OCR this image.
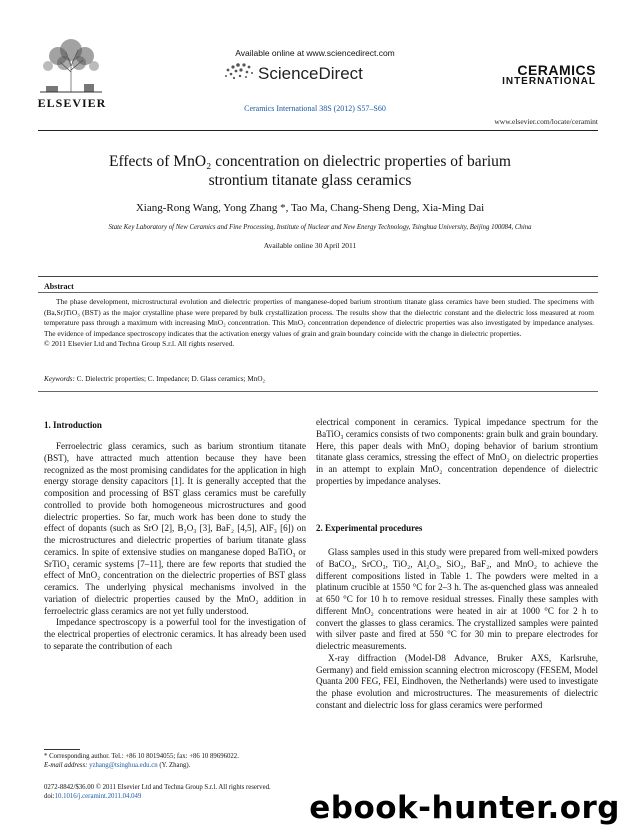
ELSEVIER
Available online at www.sciencedirect.com
ScienceDirect
Ceramics International 38S (2012) S57–S60
CERAMICS
INTERNATIONAL
www.elsevier.com/locate/ceramint
Effects of MnO₂ concentration on dielectric properties of barium
strontium titanate glass ceramics
Xiang-Rong Wang, Yong Zhang *, Tao Ma, Chang-Sheng Deng, Xia-Ming Dai
State Key Laboratory of New Ceramics and Fine Processing, Institute of Nuclear and New Energy Technology, Tsinghua University, Beijing 100084, China
Available online 30 April 2011
Abstract
The phase development, microstructural evolution and dielectric properties of manganese-doped barium strontium titanate glass ceramics have been studied. The specimens with (Ba,Sr)TiO₃ (BST) as the major crystalline phase were prepared by bulk crystallization process. The results show that the dielectric constant and the dielectric loss measured at room temperature pass through a maximum with increasing MnO₂ concentration. This MnO₂ concentration dependence of dielectric properties was also investigated by impedance analyses. The evidence of impedance spectroscopy indicates that the activation energy values of grain and grain boundary coincide with the change in dielectric properties.
© 2011 Elsevier Ltd and Techna Group S.r.l. All rights reserved.
Keywords: C. Dielectric properties; C. Impedance; D. Glass ceramics; MnO₂
1. Introduction

Ferroelectric glass ceramics, such as barium strontium titanate (BST), have attracted much attention because they have been recognized as the most promising candidates for the application in high energy storage density capacitors [1]. It is generally accepted that the composition and processing of BST glass ceramics must be carefully controlled to provide both homogeneous microstructures and good dielectric properties. So far, much work has been done to study the effect of dopants (such as SrO [2], B₂O₃ [3], BaF₂ [4,5], AlF₃ [6]) on the microstructures and dielectric properties of barium titanate glass ceramics. In spite of extensive studies on manganese doped BaTiO₃ or SrTiO₃ ceramic systems [7–11], there are few reports that studied the effect of MnO₂ concentration on the dielectric properties of BST glass ceramics. The underlying physical mechanisms involved in the variation of dielectric properties caused by the MnO₂ addition in ferroelectric glass ceramics are not yet fully understood.

Impedance spectroscopy is a powerful tool for the investigation of the electrical properties of electronic ceramics. It has already been used to separate the contribution of each

electrical component in ceramics. Typical impedance spectrum for the BaTiO₃ ceramics consists of two components: grain bulk and grain boundary. Here, this paper deals with MnO₂ doping behavior of barium strontium titanate glass ceramics, stressing the effect of MnO₂ on dielectric properties in an attempt to explain MnO₂ concentration dependence of dielectric properties by impedance analyses.

2. Experimental procedures

Glass samples used in this study were prepared from well-mixed powders of BaCO₃, SrCO₃, TiO₂, Al₂O₃, SiO₂, BaF₂, and MnO₂ to achieve the different compositions listed in Table 1. The powders were melted in a platinum crucible at 1550 °C for 2–3 h. The as-quenched glass was annealed at 650 °C for 10 h to remove residual stresses. Finally these samples with different MnO₂ concentrations were heated in air at 1000 °C for 2 h to convert the glasses to glass ceramics. The crystallized samples were painted with silver paste and fired at 550 °C for 30 min to prepare electrodes for dielectric measurements.

X-ray diffraction (Model-D8 Advance, Bruker AXS, Karlsruhe, Germany) and field emission scanning electron microscopy (FESEM, Model Quanta 200 FEG, FEI, Eindhoven, the Netherlands) were used to investigate the phase evolution and microstructures. The measurements of dielectric constant and dielectric loss for glass ceramics were performed

* Corresponding author. Tel.: +86 10 80194055; fax: +86 10 89696022.
E-mail address: yzhang@tsinghua.edu.cn (Y. Zhang).
0272-8842/$36.00 © 2011 Elsevier Ltd and Techna Group S.r.l. All rights reserved.
doi:10.1016/j.ceramint.2011.04.049	ebook-hunter.org
